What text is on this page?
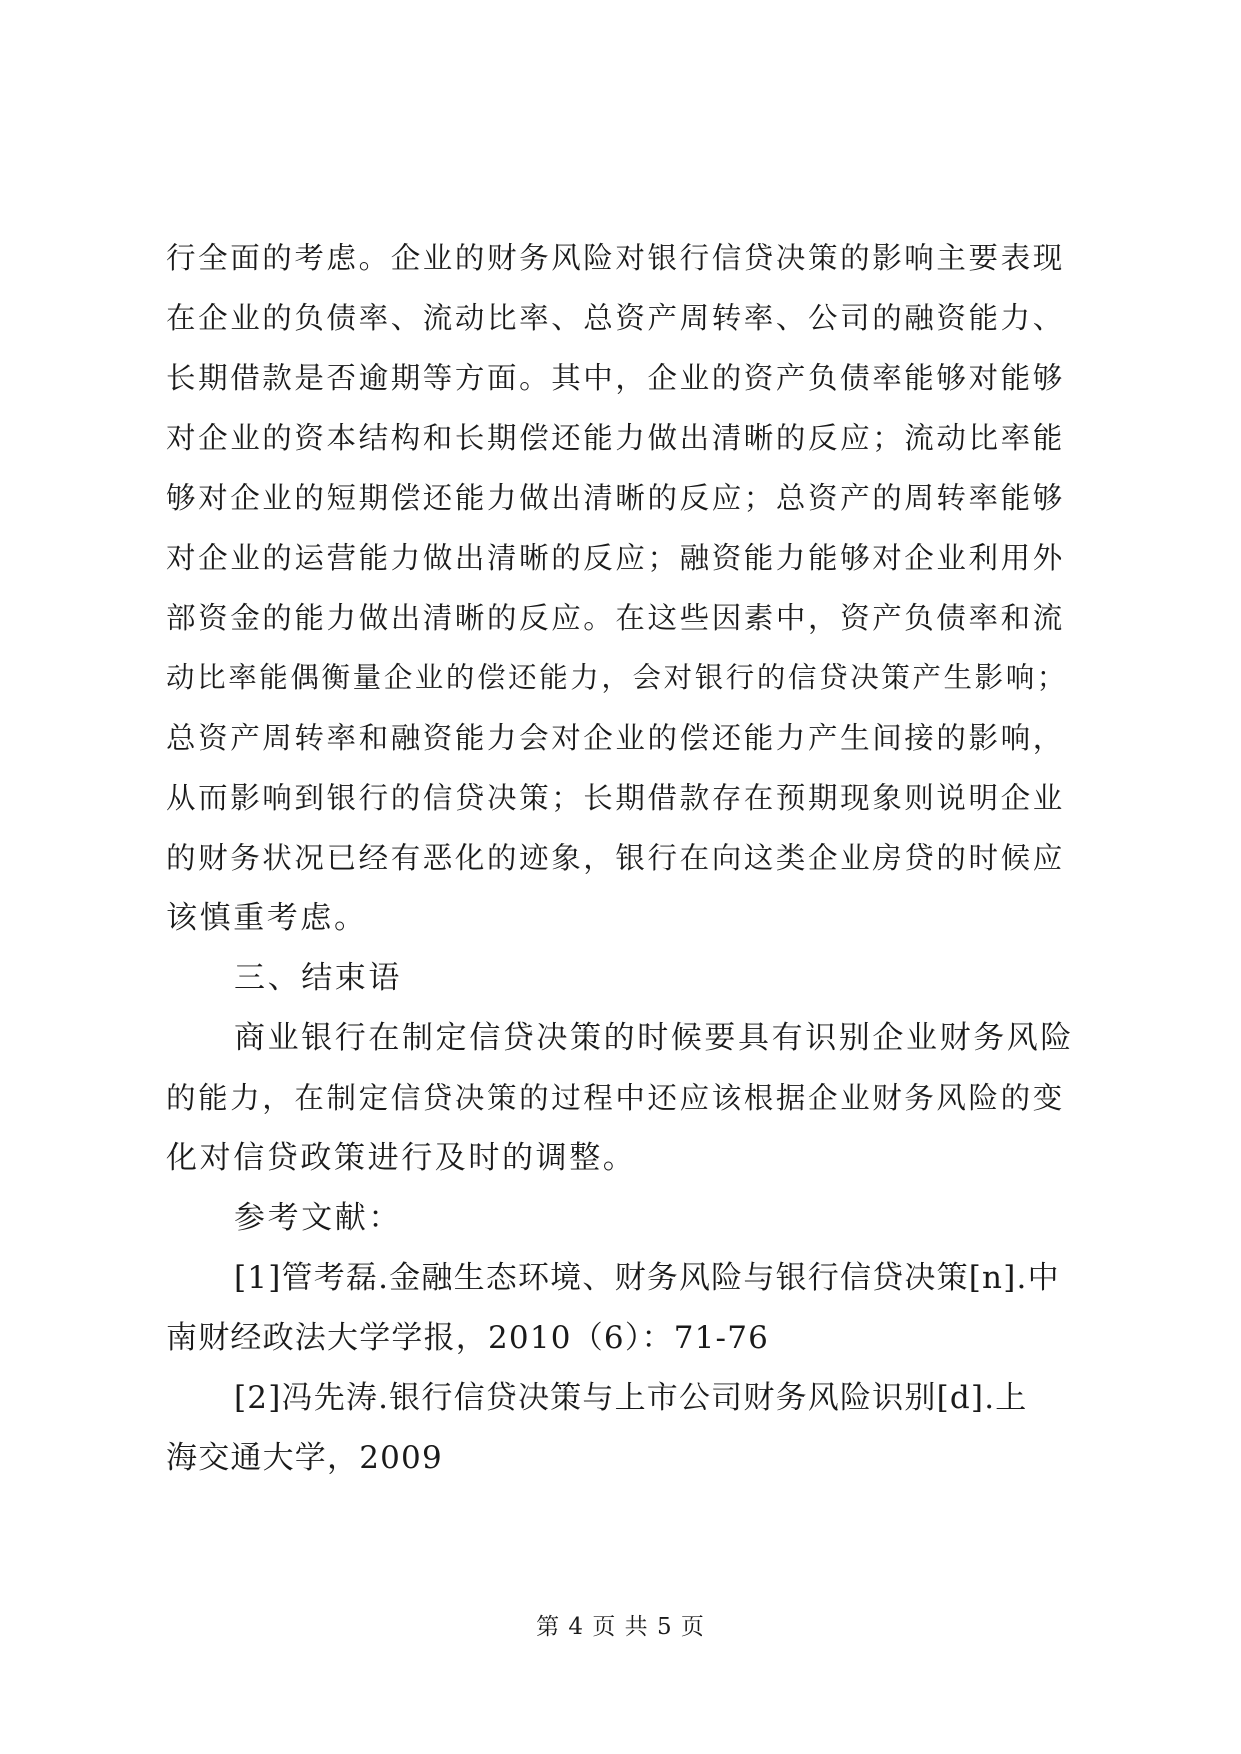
行全面的考虑。企业的财务风险对银行信贷决策的影响主要表现
在企业的负债率、流动比率、总资产周转率、公司的融资能力、
长期借款是否逾期等方面。其中，企业的资产负债率能够对能够
对企业的资本结构和长期偿还能力做出清晰的反应；流动比率能
够对企业的短期偿还能力做出清晰的反应；总资产的周转率能够
对企业的运营能力做出清晰的反应；融资能力能够对企业利用外
部资金的能力做出清晰的反应。在这些因素中，资产负债率和流
动比率能偶衡量企业的偿还能力，会对银行的信贷决策产生影响；
总资产周转率和融资能力会对企业的偿还能力产生间接的影响，
从而影响到银行的信贷决策；长期借款存在预期现象则说明企业
的财务状况已经有恶化的迹象，银行在向这类企业房贷的时候应
该慎重考虑。
三、结束语
商业银行在制定信贷决策的时候要具有识别企业财务风险
的能力，在制定信贷决策的过程中还应该根据企业财务风险的变
化对信贷政策进行及时的调整。
参考文献：
[1]管考磊.金融生态环境、财务风险与银行信贷决策[n].中
南财经政法大学学报，2010（6）：71-76
[2]冯先涛.银行信贷决策与上市公司财务风险识别[d].上
海交通大学，2009
第 4 页 共 5 页
